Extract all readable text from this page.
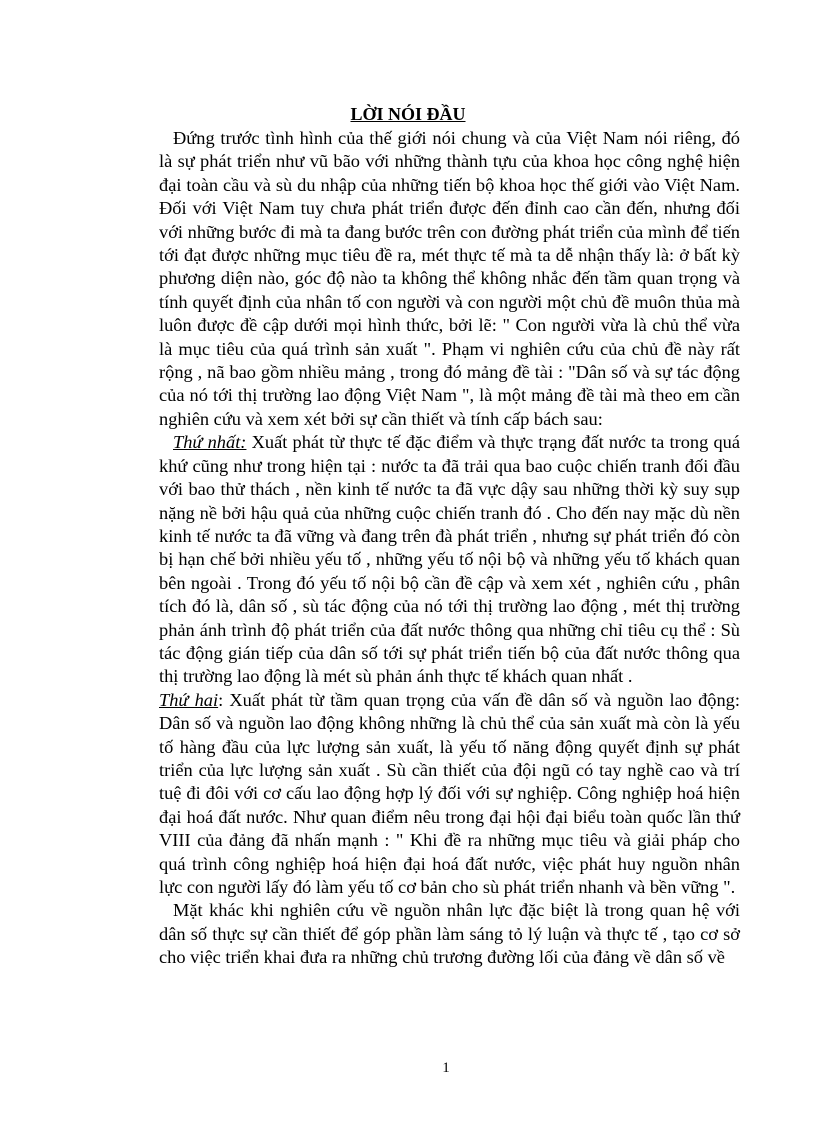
LỜI NÓI ĐẦU

Đứng trước tình hình của thế giới nói chung và của Việt Nam nói riêng, đó là sự phát triển như vũ bão với những thành tựu của khoa học công nghệ hiện đại toàn cầu và sù du nhập của những tiến bộ khoa học thế giới vào Việt Nam. Đối với Việt Nam tuy chưa phát triển được đến đỉnh cao cần đến, nhưng đối với những bước đi mà ta đang bước trên con đường phát triển của mình để tiến tới đạt được những mục tiêu đề ra, mét thực tế mà ta dễ nhận thấy là: ở bất kỳ phương diện nào, góc độ nào ta không thể không nhắc đến tầm quan trọng và tính quyết định của nhân tố con người và con người một chủ đề muôn thủa mà luôn được đề cập dưới mọi hình thức, bởi lẽ: " Con người vừa là chủ thể vừa là mục tiêu của quá trình sản xuất ". Phạm vi nghiên cứu của chủ đề này rất rộng , nã bao gồm nhiều mảng , trong đó mảng đề tài : "Dân số và sự tác động của nó tới thị trường lao động Việt Nam ", là một mảng đề tài mà theo em cần nghiên cứu và xem xét bởi sự cần thiết và tính cấp bách sau:

Thứ nhất: Xuất phát từ thực tế đặc điểm và thực trạng đất nước ta trong quá khứ cũng như trong hiện tại : nước ta đã trải qua bao cuộc chiến tranh đối đầu với bao thử thách , nền kinh tế nước ta đã vực dậy sau những thời kỳ suy sụp nặng nề bởi hậu quả của những cuộc chiến tranh đó . Cho đến nay mặc dù nền kinh tế nước ta đã vững và đang trên đà phát triển , nhưng sự phát triển đó còn bị hạn chế bởi nhiều yếu tố , những yếu tố nội bộ và những yếu tố khách quan bên ngoài . Trong đó yếu tố nội bộ cần đề cập và xem xét , nghiên cứu , phân tích đó là, dân số , sù tác động của nó tới thị trường lao động , mét thị trường phản ánh trình độ phát triển của đất nước thông qua những chỉ tiêu cụ thể : Sù tác động gián tiếp của dân số tới sự phát triển tiến bộ của đất nước thông qua thị trường lao động là mét sù phản ánh thực tế khách quan nhất .

Thứ hai: Xuất phát từ tầm quan trọng của vấn đề dân số và nguồn lao động: Dân số và nguồn lao động không những là chủ thể của sản xuất mà còn là yếu tố hàng đầu của lực lượng sản xuất, là yếu tố năng động quyết định sự phát triển của lực lượng sản xuất . Sù cần thiết của đội ngũ có tay nghề cao và trí tuệ đi đôi với cơ cấu lao động hợp lý đối với sự nghiệp. Công nghiệp hoá hiện đại hoá đất nước. Như quan điểm nêu trong đại hội đại biểu toàn quốc lần thứ VIII của đảng đã nhấn mạnh : " Khi đề ra những mục tiêu và giải pháp cho quá trình công nghiệp hoá hiện đại hoá đất nước, việc phát huy nguồn nhân lực con người lấy đó làm yếu tố cơ bản cho sù phát triển nhanh và bền vững ".

Mặt khác khi nghiên cứu về nguồn nhân lực đặc biệt là trong quan hệ với dân số thực sự cần thiết để góp phần làm sáng tỏ lý luận và thực tế , tạo cơ sở cho việc triển khai đưa ra những chủ trương đường lối của đảng về dân số về

1
